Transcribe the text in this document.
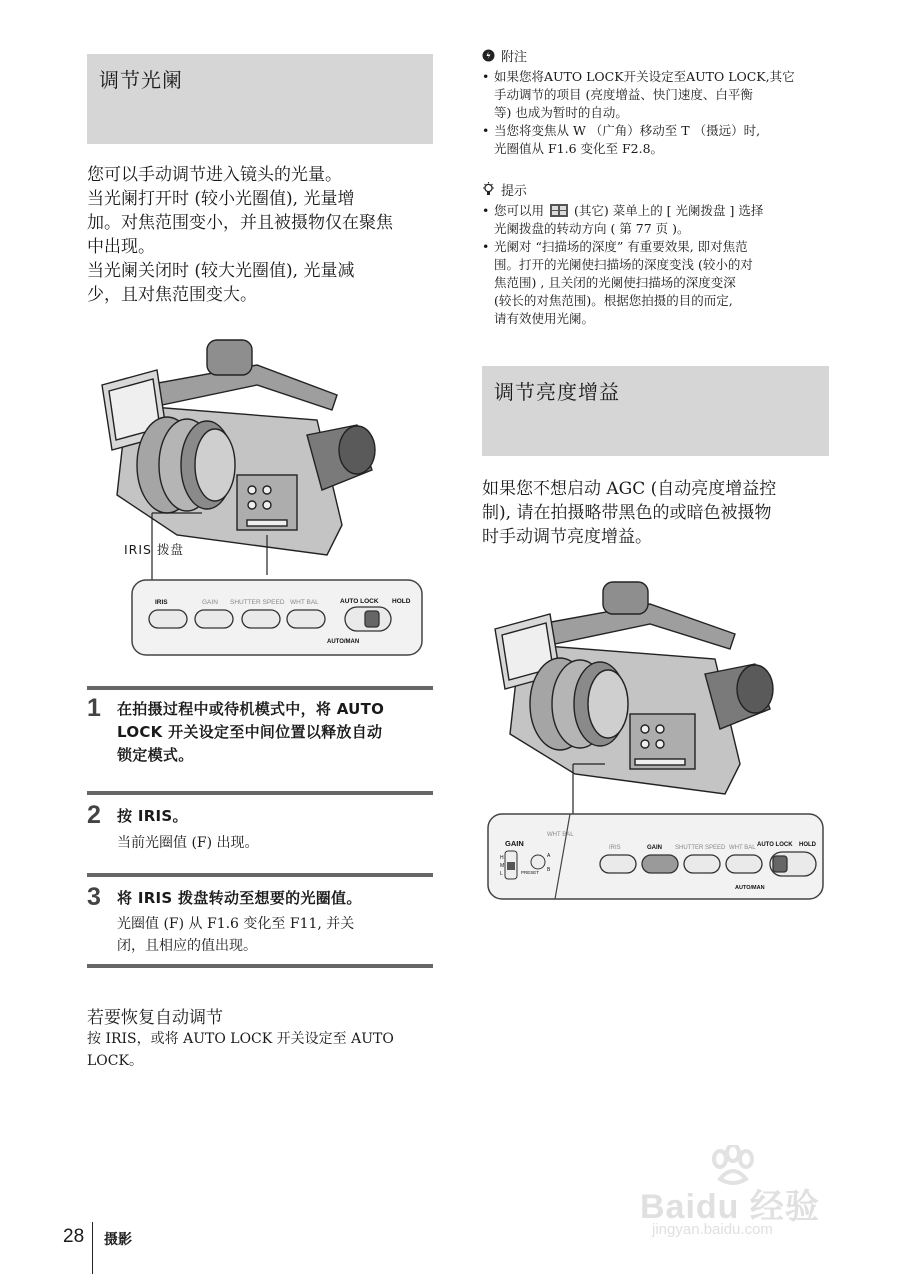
调节光阑
您可以手动调节进入镜头的光量。
当光阑打开时 (较小光圈值), 光量增
加。对焦范围变小，并且被摄物仅在聚焦
中出现。
当光阑关闭时 (较大光圈值), 光量减
少，且对焦范围变大。
IRIS	GAIN SHUTTER SPEED WHT BAL	AUTO LOCK HOLD
AUTO/MAN
IRIS 拨盘
1 在拍摄过程中或待机模式中，将 AUTO
LOCK 开关设定至中间位置以释放自动
锁定模式。
2 按 IRIS。
当前光圈值 (F) 出现。
3 将 IRIS 拨盘转动至想要的光圈值。
光圈值 (F) 从 F1.6 变化至 F11, 并关
闭，且相应的值出现。
若要恢复自动调节
按 IRIS，或将 AUTO LOCK 开关设定至 AUTO
LOCK。
附注
• 如果您将AUTO LOCK开关设定至AUTO LOCK,其它
手动调节的项目 (亮度增益、快门速度、白平衡
等) 也成为暂时的自动。
• 当您将变焦从 W （广角）移动至 T （摄远）时,
光圈值从 F1.6 变化至 F2.8。
提示
• 您可以用
(其它) 菜单上的 [ 光阑拨盘 ] 选择
光阑拨盘的转动方向 ( 第 77 页 )。
• 光阑对 “扫描场的深度” 有重要效果, 即对焦范
围。打开的光阑使扫描场的深度变浅 (较小的对
焦范围) , 且关闭的光阑使扫描场的深度变深
(较长的对焦范围)。根据您拍摄的目的而定,
请有效使用光阑。
调节亮度增益
如果您不想启动 AGC (自动亮度增益控
制), 请在拍摄略带黑色的或暗色被摄物
时手动调节亮度增益。
GAIN
WHT BAL
IRIS	GAIN SHUTTER SPEED WHT BAL AUTO LOCK HOLD
AUTO/MAN
H
M
L	PRESET
A
B
28 摄影
Baidu 经验
jingyan.baidu.com
